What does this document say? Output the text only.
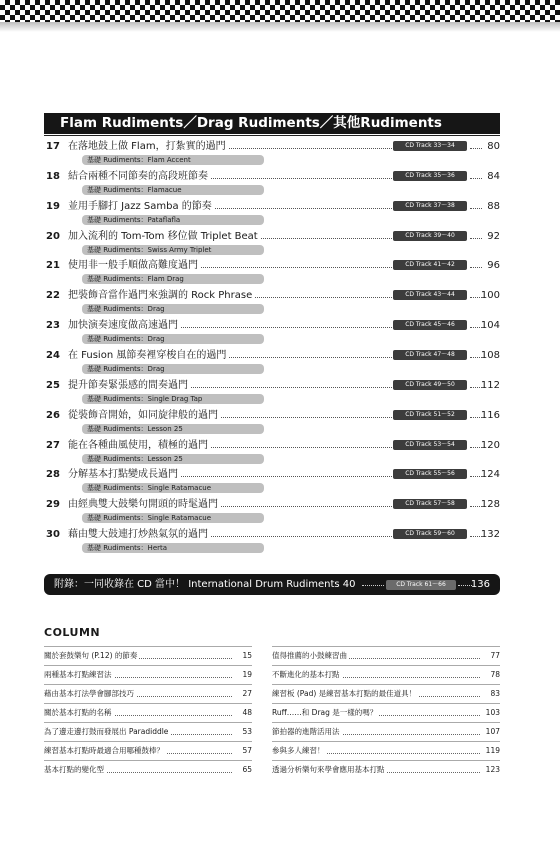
Flam Rudiments／Drag Rudiments／其他Rudiments
17 在落地鼓上做 Flam，打紮實的過門	CD Track 33～34	80
基礎 Rudiments：Flam Accent
18 結合兩種不同節奏的高段班節奏	CD Track 35～36	84
基礎 Rudiments：Flamacue
19 並用手腳打 Jazz Samba 的節奏	CD Track 37～38	88
基礎 Rudiments：Pataflafla
20 加入流利的 Tom-Tom 移位做 Triplet Beat	CD Track 39～40	92
基礎 Rudiments：Swiss Army Triplet
21 使用非一般手順做高難度過門	CD Track 41～42	96
基礎 Rudiments：Flam Drag
22 把裝飾音當作過門來強調的 Rock Phrase	CD Track 43～44	100
基礎 Rudiments：Drag
23 加快演奏速度做高速過門	CD Track 45～46	104
基礎 Rudiments：Drag
24 在 Fusion 風節奏裡穿梭自在的過門	CD Track 47～48	108
基礎 Rudiments：Drag
25 提升節奏緊張感的間奏過門	CD Track 49～50	112
基礎 Rudiments：Single Drag Tap
26 從裝飾音開始，如同旋律般的過門	CD Track 51～52	116
基礎 Rudiments：Lesson 25
27 能在各種曲風使用，積極的過門	CD Track 53～54	120
基礎 Rudiments：Lesson 25
28 分解基本打點變成長過門	CD Track 55～56	124
基礎 Rudiments：Single Ratamacue
29 由經典雙大鼓樂句開頭的時髦過門	CD Track 57～58	128
基礎 Rudiments：Single Ratamacue
30 藉由雙大鼓連打炒熱氣氛的過門	CD Track 59～60	132
基礎 Rudiments：Herta
附錄：一同收錄在 CD 當中！ International Drum Rudiments 40	CD Track 61～66	136
COLUMN
關於套鼓樂句 (P.12) 的節奏	15
兩種基本打點練習法	19
藉由基本打法學會腳部技巧	27
關於基本打點的名稱	48
為了邊走邊打鼓而發展出 Paradiddle	53
練習基本打點時最適合用哪種鼓棒？	57
基本打點的變化型	65
值得推薦的小鼓練習曲	77
不斷進化的基本打點	78
練習板 (Pad) 是練習基本打點的最佳道具！	83
Ruff……和 Drag 是一樣的嗎？	103
節拍器的進階活用法	107
參與多人練習！	119
透過分析樂句來學會應用基本打點	123
